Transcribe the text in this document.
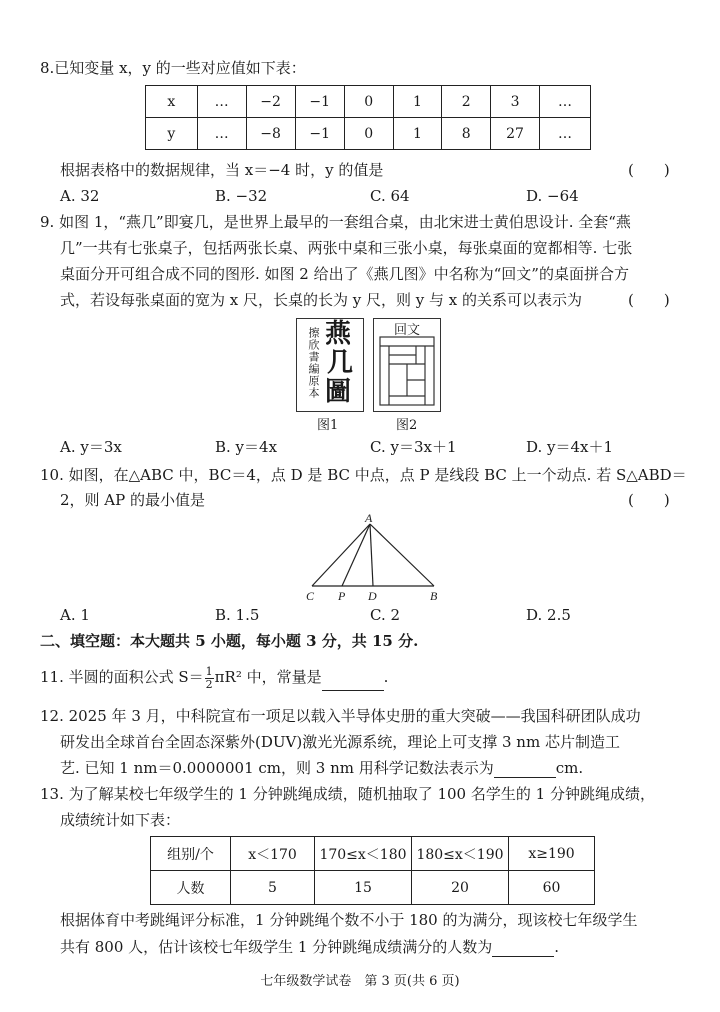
8.已知变量 x，y 的一些对应值如下表：
x	…	−2	−1	0	1	2	3	…
y	…	−8	−1	0	1	8	27	…
根据表格中的数据规律，当 x＝−4 时，y 的值是	(　　)
A. 32	B. −32	C. 64	D. −64
9. 如图 1，“燕几”即宴几，是世界上最早的一套组合桌，由北宋进士黄伯思设计. 全套“燕
几”一共有七张桌子，包括两张长桌、两张中桌和三张小桌，每张桌面的宽都相等. 七张
桌面分开可组合成不同的图形. 如图 2 给出了《燕几图》中名称为“回文”的桌面拼合方
式，若设每张桌面的宽为 x 尺，长桌的长为 y 尺，则 y 与 x 的关系可以表示为	(　　)
擦欣書編原本 燕
几
圖
图1
回文
图2
A. y＝3x	B. y＝4x	C. y＝3x＋1	D. y＝4x＋1
10. 如图，在△ABC 中，BC＝4，点 D 是 BC 中点，点 P 是线段 BC 上一个动点. 若 S△ABD＝
2，则 AP 的最小值是	(　　)
A
C P D	B
A. 1	B. 1.5	C. 2	D. 2.5
二、填空题：本大题共 5 小题，每小题 3 分，共 15 分.
11. 半圆的面积公式 $S= \frac{1}{2} \pi R^2$ 中，常量是	.
12. 2025 年 3 月，中科院宣布一项足以载入半导体史册的重大突破——我国科研团队成功
研发出全球首台全固态深紫外(DUV)激光光源系统，理论上可支撑 3 nm 芯片制造工
艺. 已知 1 nm＝0.0000001 cm，则 3 nm 用科学记数法表示为	cm.
13. 为了解某校七年级学生的 1 分钟跳绳成绩，随机抽取了 100 名学生的 1 分钟跳绳成绩，
成绩统计如下表：
组别/个	x＜170	170≤x＜180	180≤x＜190	x≥190
人数	5	15	20	60
根据体育中考跳绳评分标准，1 分钟跳绳个数不小于 180 的为满分，现该校七年级学生
共有 800 人，估计该校七年级学生 1 分钟跳绳成绩满分的人数为	.
七年级数学试卷　第 3 页(共 6 页)
